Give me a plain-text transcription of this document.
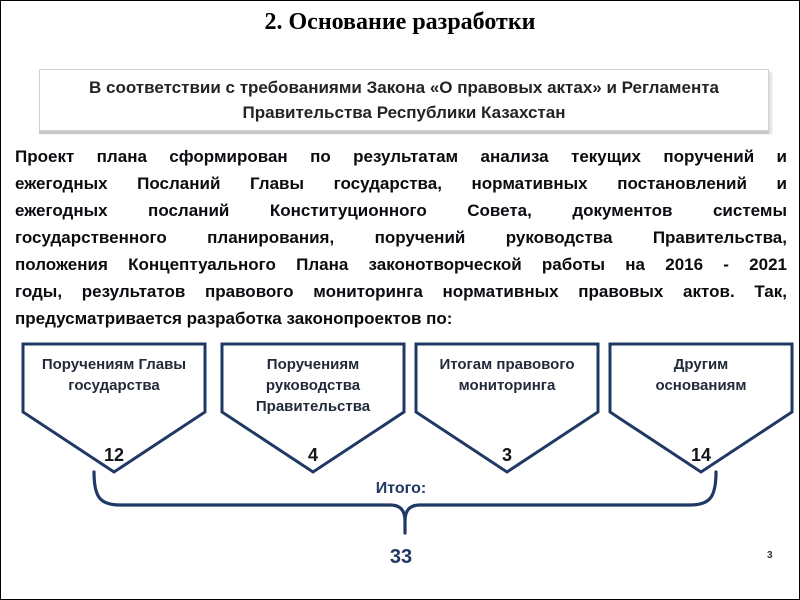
2. Основание разработки
В соответствии с требованиями Закона «О правовых актах» и Регламента
Правительства Республики Казахстан
Проект плана сформирован по результатам анализа текущих поручений и
ежегодных Посланий Главы государства, нормативных постановлений и
ежегодных посланий Конституционного Совета, документов системы
государственного планирования, поручений руководства Правительства,
положения Концептуального Плана законотворческой работы на 2016 - 2021
годы, результатов правового мониторинга нормативных правовых актов. Так,
предусматривается разработка законопроектов по:
Поручениям Главы
государства
12
Поручениям
руководства
Правительства
4
Итогам правового
мониторинга
3
Другим
основаниям
14
Итого:
33	3
